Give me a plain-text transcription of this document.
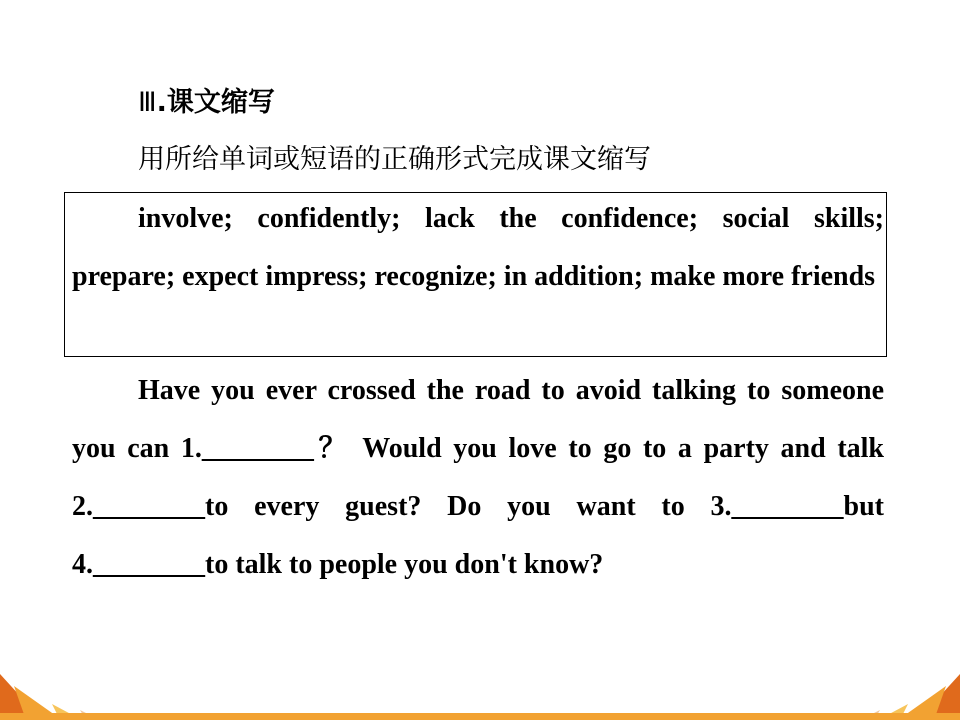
Ⅲ.课文缩写
用所给单词或短语的正确形式完成课文缩写
involve; confidently; lack the confidence; social skills; prepare; expect impress; recognize; in addition; make more friends
Have you ever crossed the road to avoid talking to someone you can 1.________？ Would you love to go to a party and talk 2.________to every guest? Do you want to 3.________but 4.________to talk to people you don't know?
